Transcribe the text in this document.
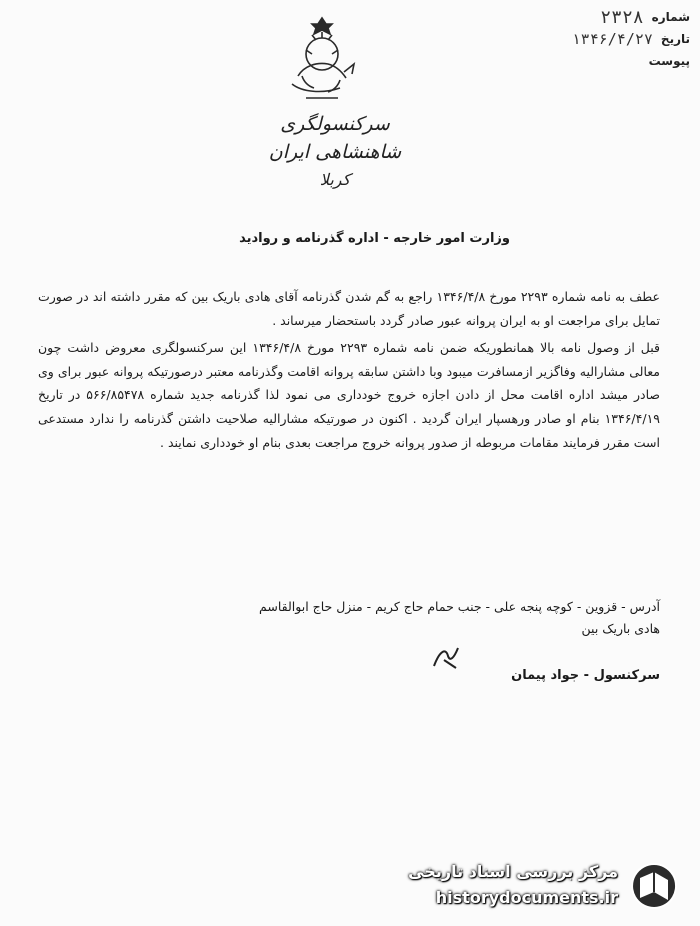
شماره
۲۳۲۸
تاریخ
۱۳۴۶/۴/۲۷
پیوست
سرکنسولگری شاهنشاهی ایران
کربلا
وزارت امور خارجه - اداره گذرنامه و روادید

عطف به نامه شماره ۲۲۹۳ مورخ ۱۳۴۶/۴/۸ راجع به گم شدن گذرنامه آقای هادی باریک بین که مقرر داشته اند در صورت تمایل برای مراجعت او به ایران پروانه عبور صادر گردد باستحضار میرساند .

قبل از وصول نامه بالا همانطوریکه ضمن نامه شماره ۲۲۹۳ مورخ ۱۳۴۶/۴/۸ این سرکنسولگری معروض داشت چون معالی مشارالیه وفاگزیر ازمسافرت میبود وبا داشتن سابقه پروانه اقامت وگذرنامه معتبر درصورتیکه پروانه عبور برای وی صادر میشد اداره اقامت محل از دادن اجازه خروج خودداری می نمود لذا گذرنامه جدید شماره ۵۶۶/۸۵۴۷۸ در تاریخ ۱۳۴۶/۴/۱۹ بنام او صادر ورهسپار ایران گردید . اکنون در صورتیکه مشارالیه صلاحیت داشتن گذرنامه را ندارد مستدعی است مقرر فرمایند مقامات مربوطه از صدور پروانه خروج مراجعت بعدی بنام او خودداری نمایند .

آدرس - قزوین - کوچه پنجه علی - جنب حمام حاج کریم - منزل حاج ابوالقاسم
هادی باریک بین
سرکنسول - جواد پیمان
مرکز بررسی اسناد تاریخی
historydocuments.ir
